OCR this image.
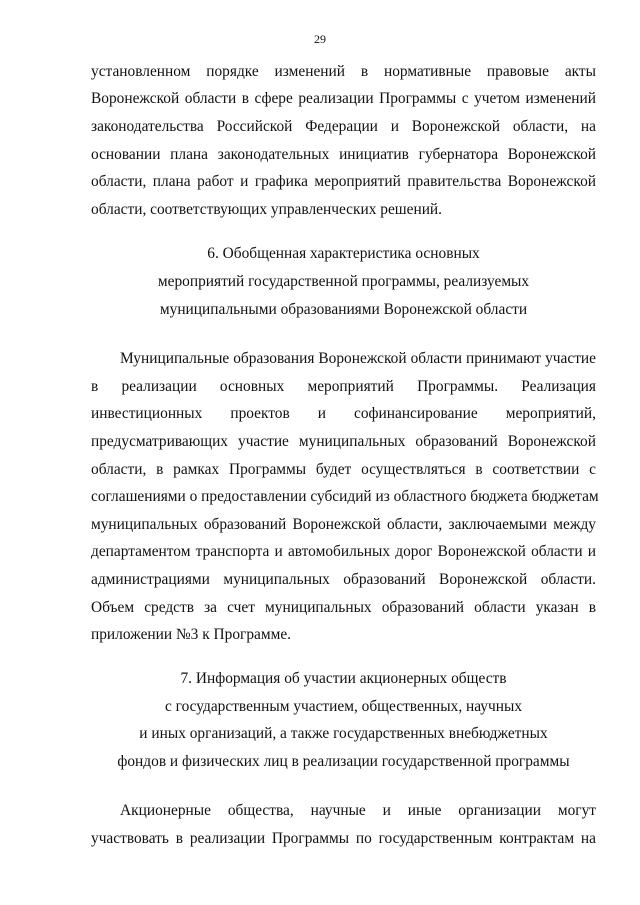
29
установленном порядке изменений в нормативные правовые акты
Воронежской области в сфере реализации Программы с учетом изменений
законодательства Российской Федерации и Воронежской области, на
основании плана законодательных инициатив губернатора Воронежской
области, плана работ и графика мероприятий правительства Воронежской
области, соответствующих управленческих решений.
6. Обобщенная характеристика основных
мероприятий государственной программы, реализуемых
муниципальными образованиями Воронежской области
Муниципальные образования Воронежской области принимают участие
в реализации основных мероприятий Программы. Реализация
инвестиционных проектов и софинансирование мероприятий,
предусматривающих участие муниципальных образований Воронежской
области, в рамках Программы будет осуществляться в соответствии с
соглашениями о предоставлении субсидий из областного бюджета бюджетам
муниципальных образований Воронежской области, заключаемыми между
департаментом транспорта и автомобильных дорог Воронежской области и
администрациями муниципальных образований Воронежской области.
Объем средств за счет муниципальных образований области указан в
приложении №3 к Программе.
7. Информация об участии акционерных обществ
с государственным участием, общественных, научных
и иных организаций, а также государственных внебюджетных
фондов и физических лиц в реализации государственной программы
Акционерные общества, научные и иные организации могут
участвовать в реализации Программы по государственным контрактам на
